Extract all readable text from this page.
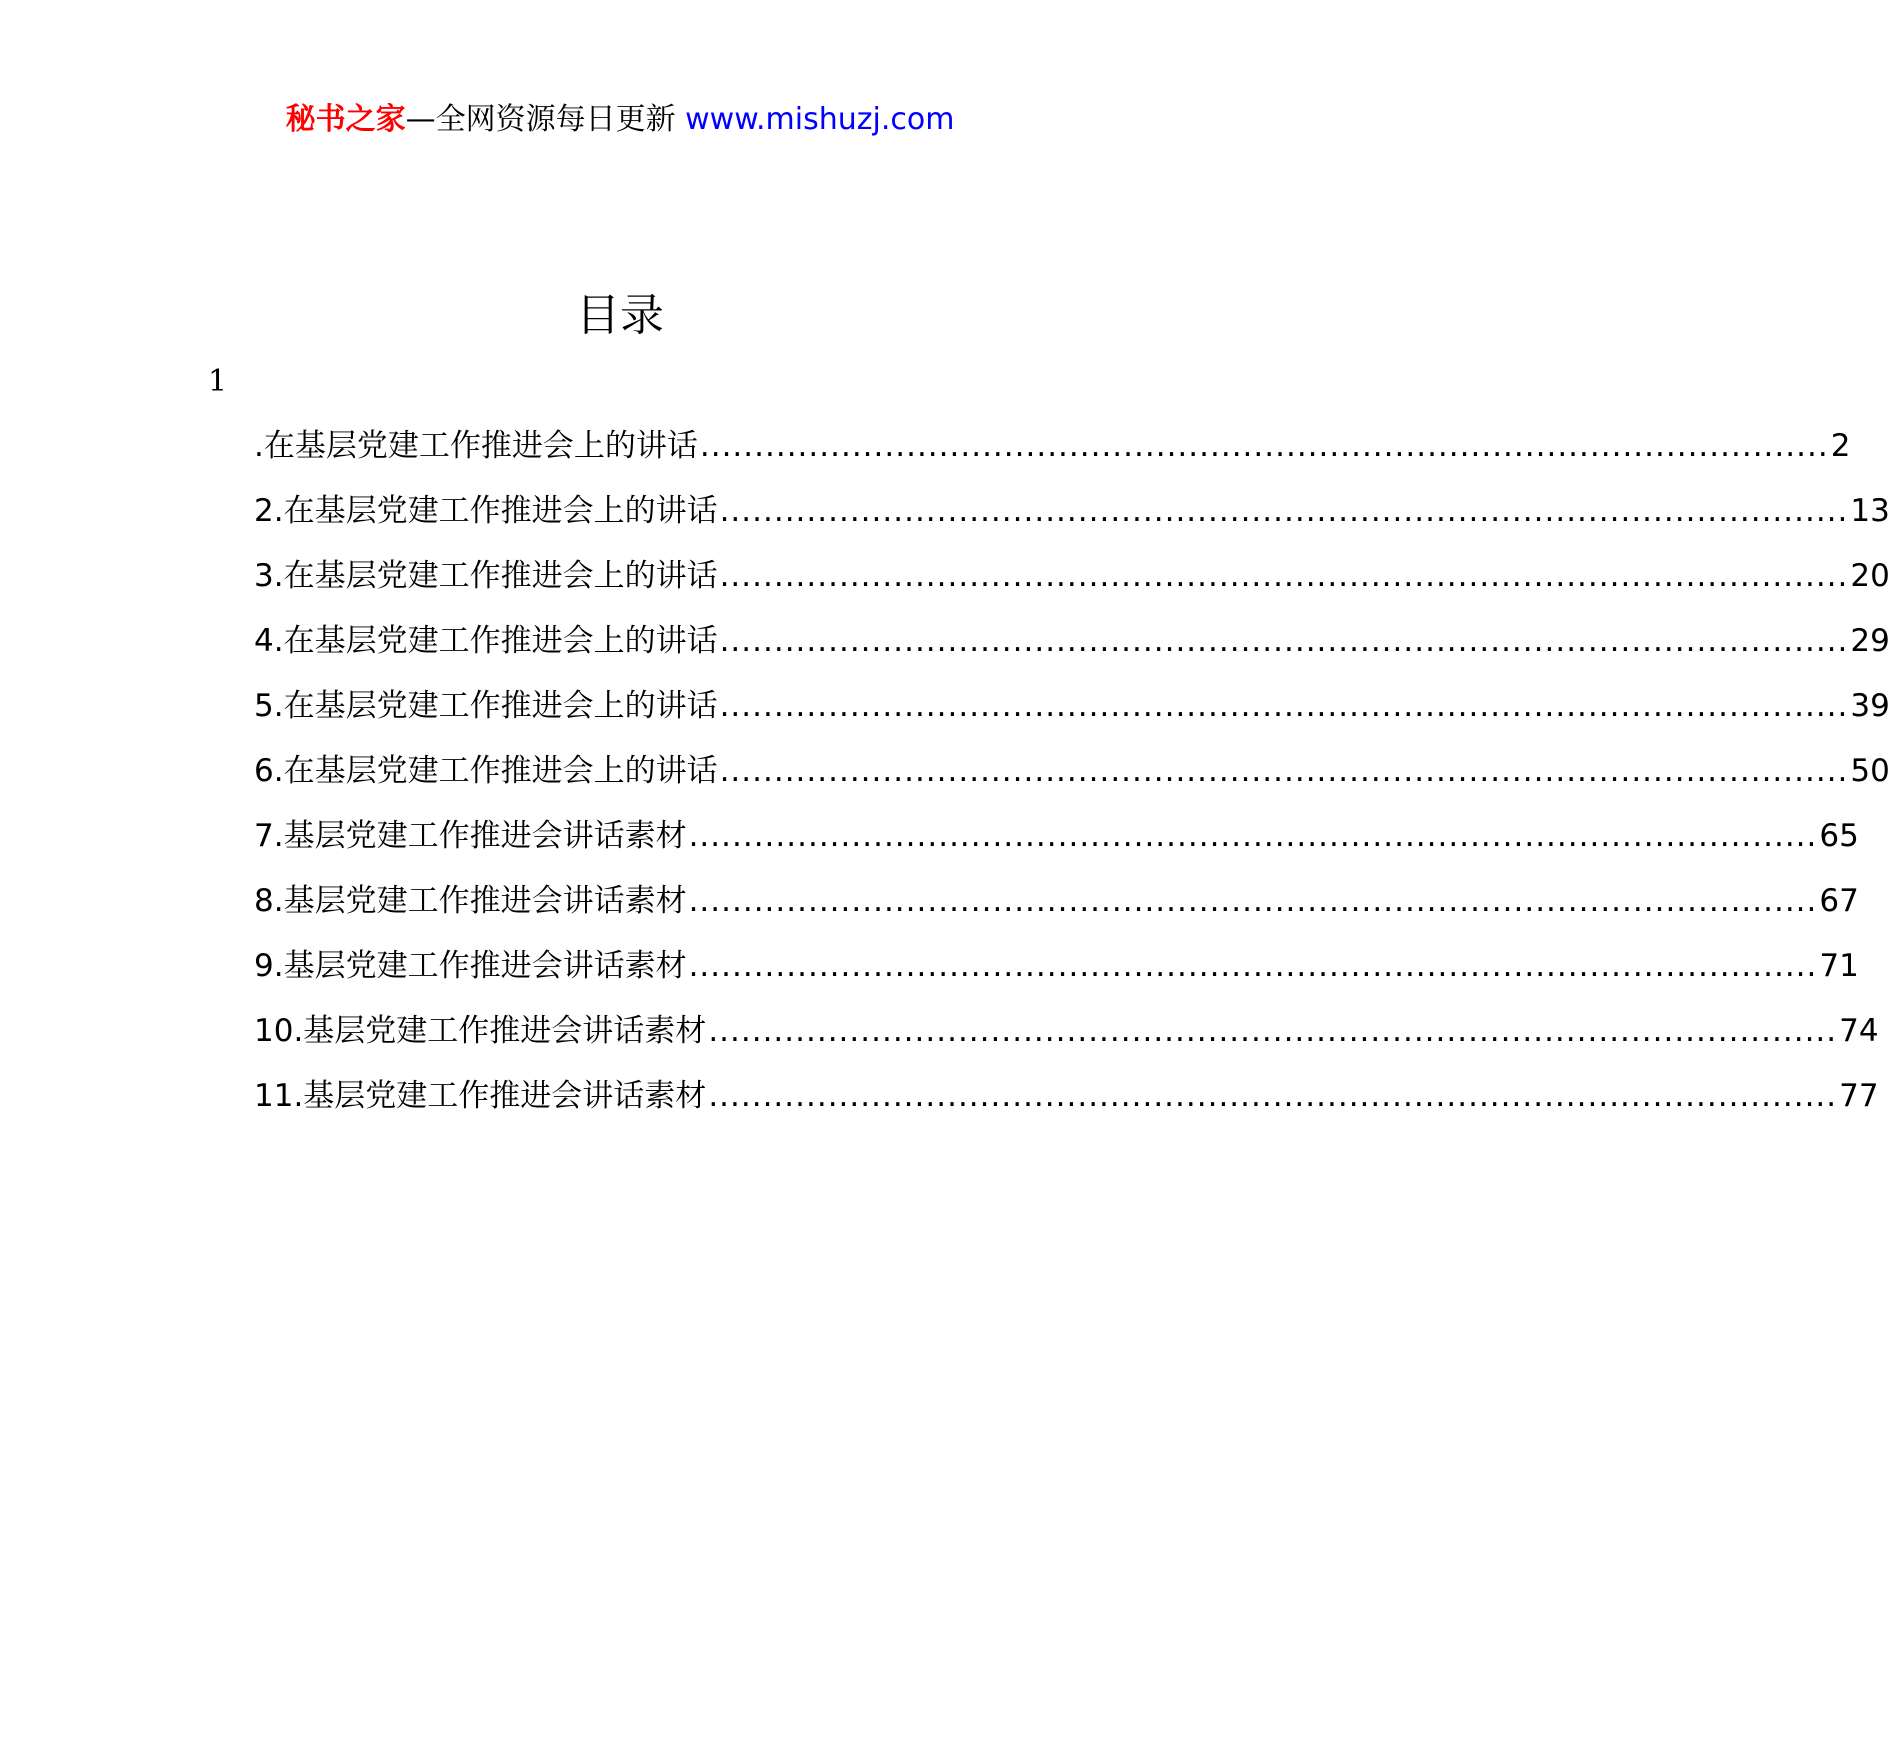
秘书之家—全网资源每日更新 www.mishuzj.com
目录
1
.在基层党建工作推进会上的讲话 ........................................................................................................ 2
2.在基层党建工作推进会上的讲话 ........................................................................................................ 13
3.在基层党建工作推进会上的讲话 ........................................................................................................ 20
4.在基层党建工作推进会上的讲话 ........................................................................................................ 29
5.在基层党建工作推进会上的讲话 ........................................................................................................ 39
6.在基层党建工作推进会上的讲话 ........................................................................................................ 50
7.基层党建工作推进会讲话素材 ........................................................................................................ 65
8.基层党建工作推进会讲话素材 ........................................................................................................ 67
9.基层党建工作推进会讲话素材 ........................................................................................................ 71
10.基层党建工作推进会讲话素材 ........................................................................................................ 74
11.基层党建工作推进会讲话素材 ........................................................................................................ 77
